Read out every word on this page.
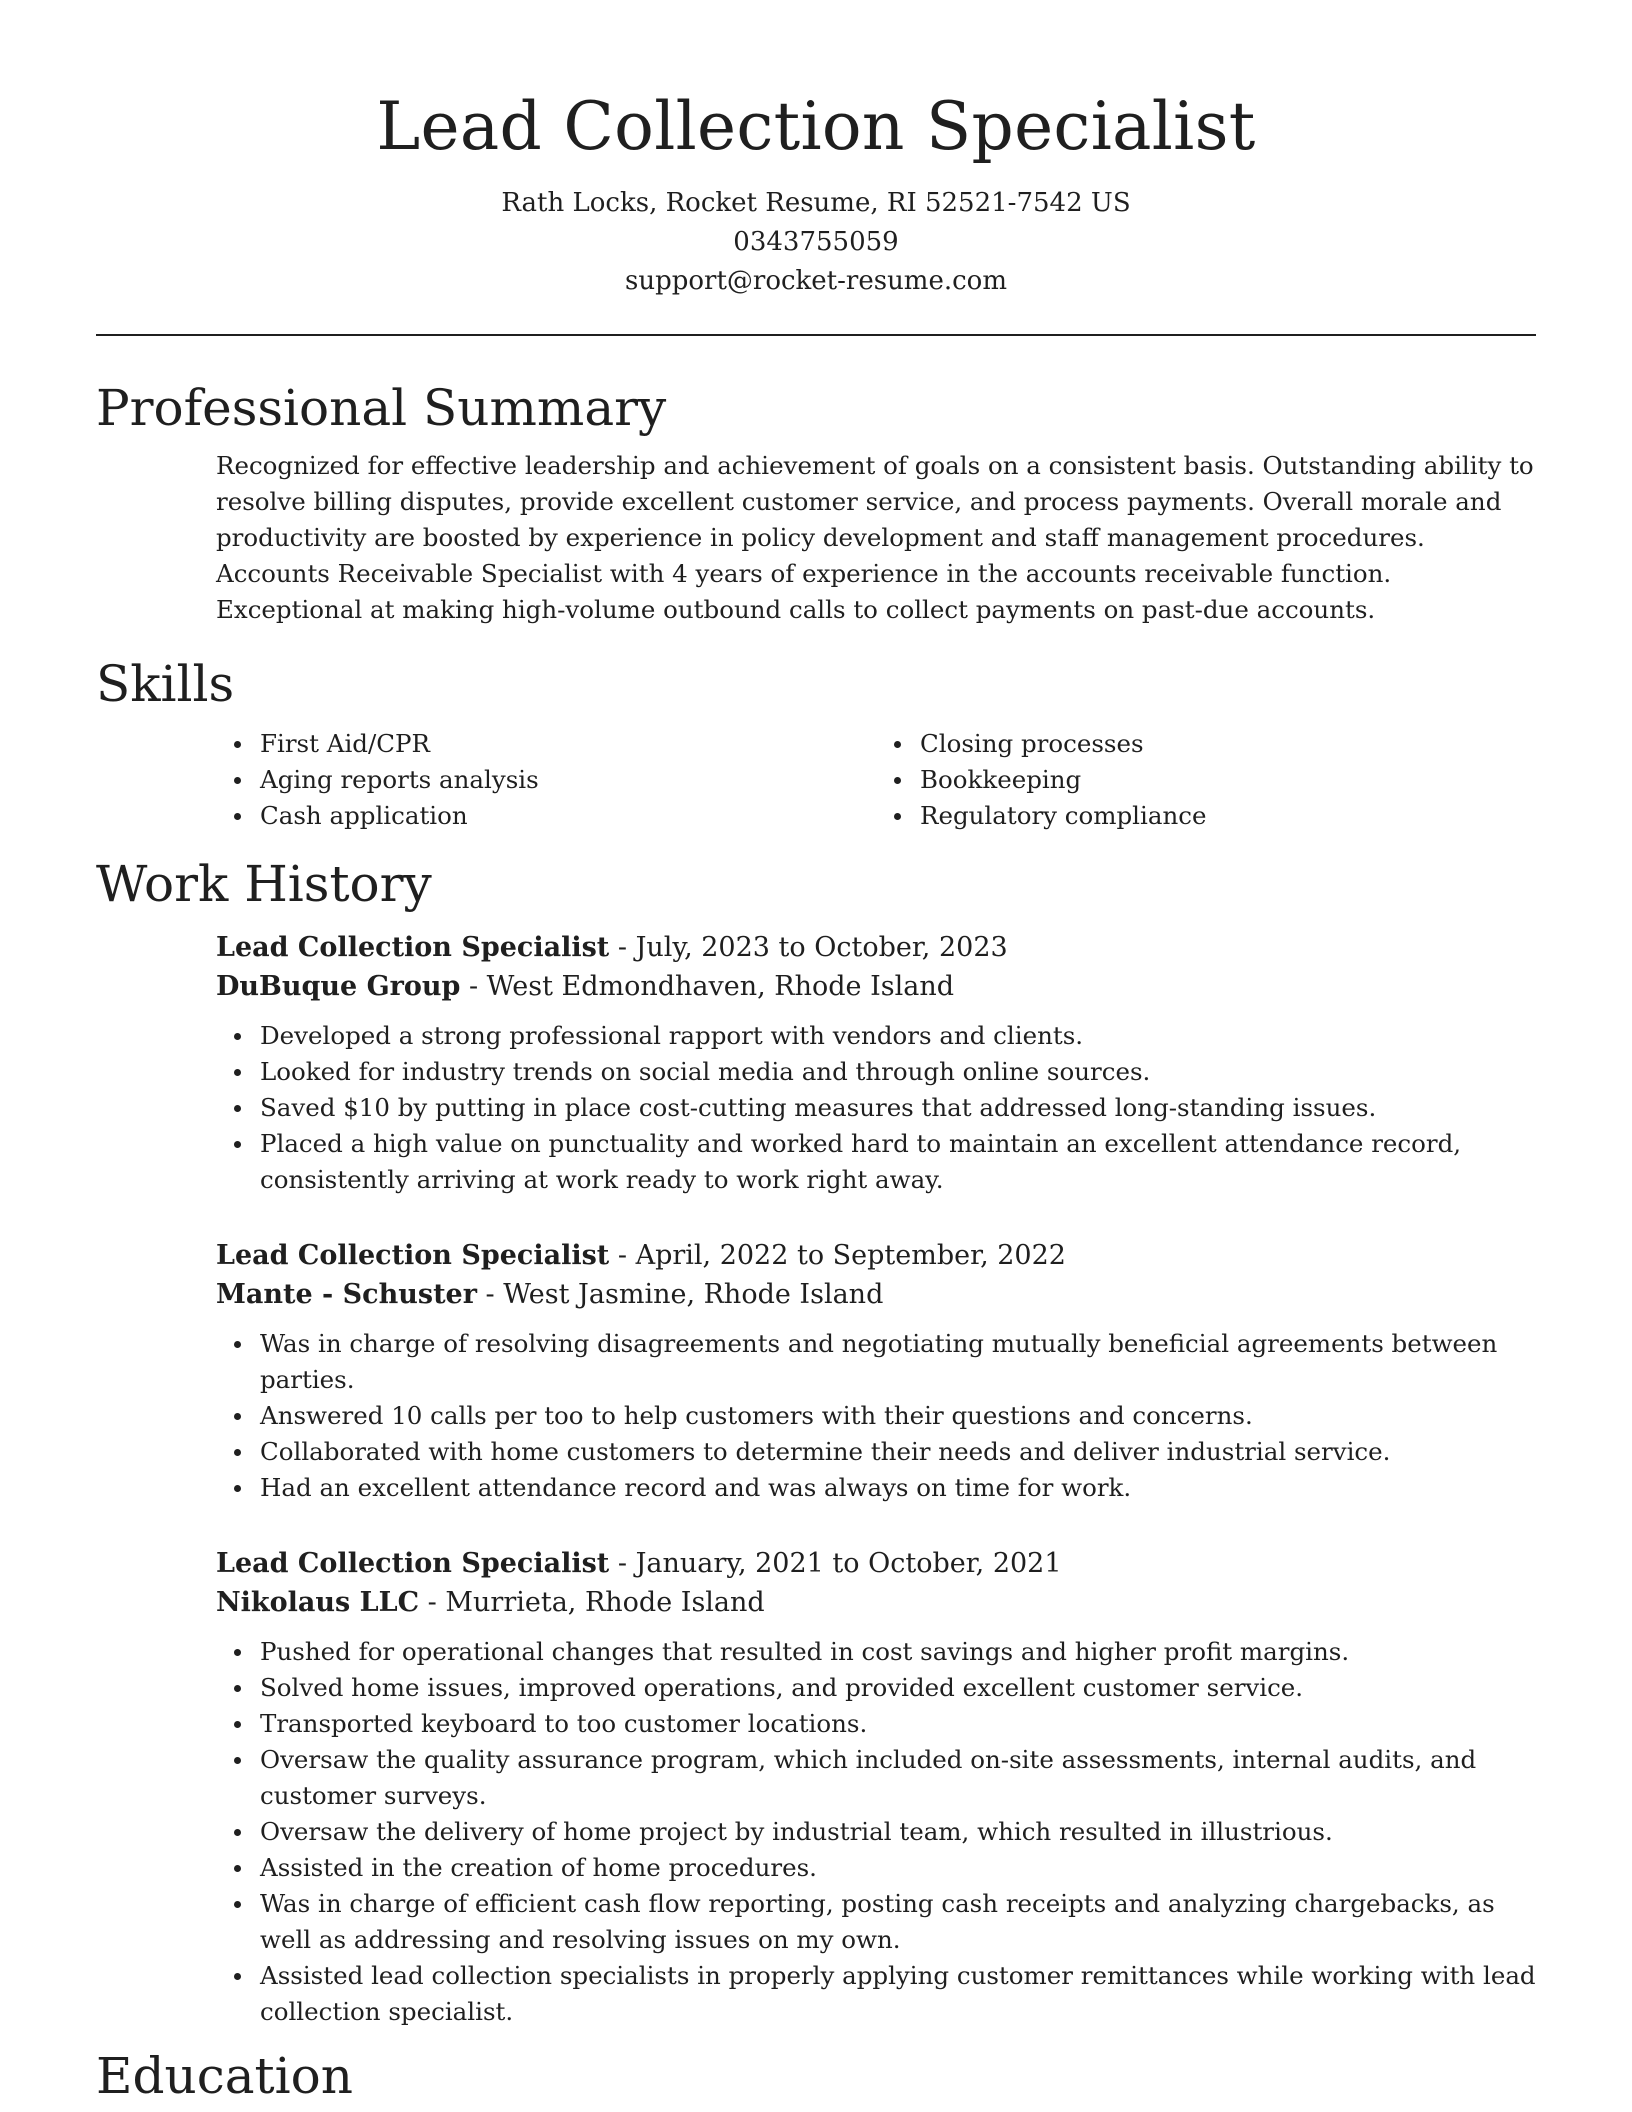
Lead Collection Specialist

Rath Locks, Rocket Resume, RI 52521-7542 US

0343755059

support@rocket-resume.com

Professional Summary

Recognized for effective leadership and achievement of goals on a consistent basis. Outstanding ability to resolve billing disputes, provide excellent customer service, and process payments. Overall morale and productivity are boosted by experience in policy development and staff management procedures. Accounts Receivable Specialist with 4 years of experience in the accounts receivable function. Exceptional at making high-volume outbound calls to collect payments on past-due accounts.

Skills
First Aid/CPR
Aging reports analysis
Cash application
Closing processes
Bookkeeping
Regulatory compliance
Work History

Lead Collection Specialist - July, 2023 to October, 2023

DuBuque Group - West Edmondhaven, Rhode Island

Developed a strong professional rapport with vendors and clients.
Looked for industry trends on social media and through online sources.
Saved $10 by putting in place cost-cutting measures that addressed long-standing issues.
Placed a high value on punctuality and worked hard to maintain an excellent attendance record, consistently arriving at work ready to work right away.

Lead Collection Specialist - April, 2022 to September, 2022

Mante - Schuster - West Jasmine, Rhode Island

Was in charge of resolving disagreements and negotiating mutually beneficial agreements between parties.
Answered 10 calls per too to help customers with their questions and concerns.
Collaborated with home customers to determine their needs and deliver industrial service.
Had an excellent attendance record and was always on time for work.

Lead Collection Specialist - January, 2021 to October, 2021

Nikolaus LLC - Murrieta, Rhode Island

Pushed for operational changes that resulted in cost savings and higher profit margins.
Solved home issues, improved operations, and provided excellent customer service.
Transported keyboard to too customer locations.
Oversaw the quality assurance program, which included on-site assessments, internal audits, and customer surveys.
Oversaw the delivery of home project by industrial team, which resulted in illustrious.
Assisted in the creation of home procedures.
Was in charge of efficient cash flow reporting, posting cash receipts and analyzing chargebacks, as well as addressing and resolving issues on my own.
Assisted lead collection specialists in properly applying customer remittances while working with lead collection specialist.
Education
